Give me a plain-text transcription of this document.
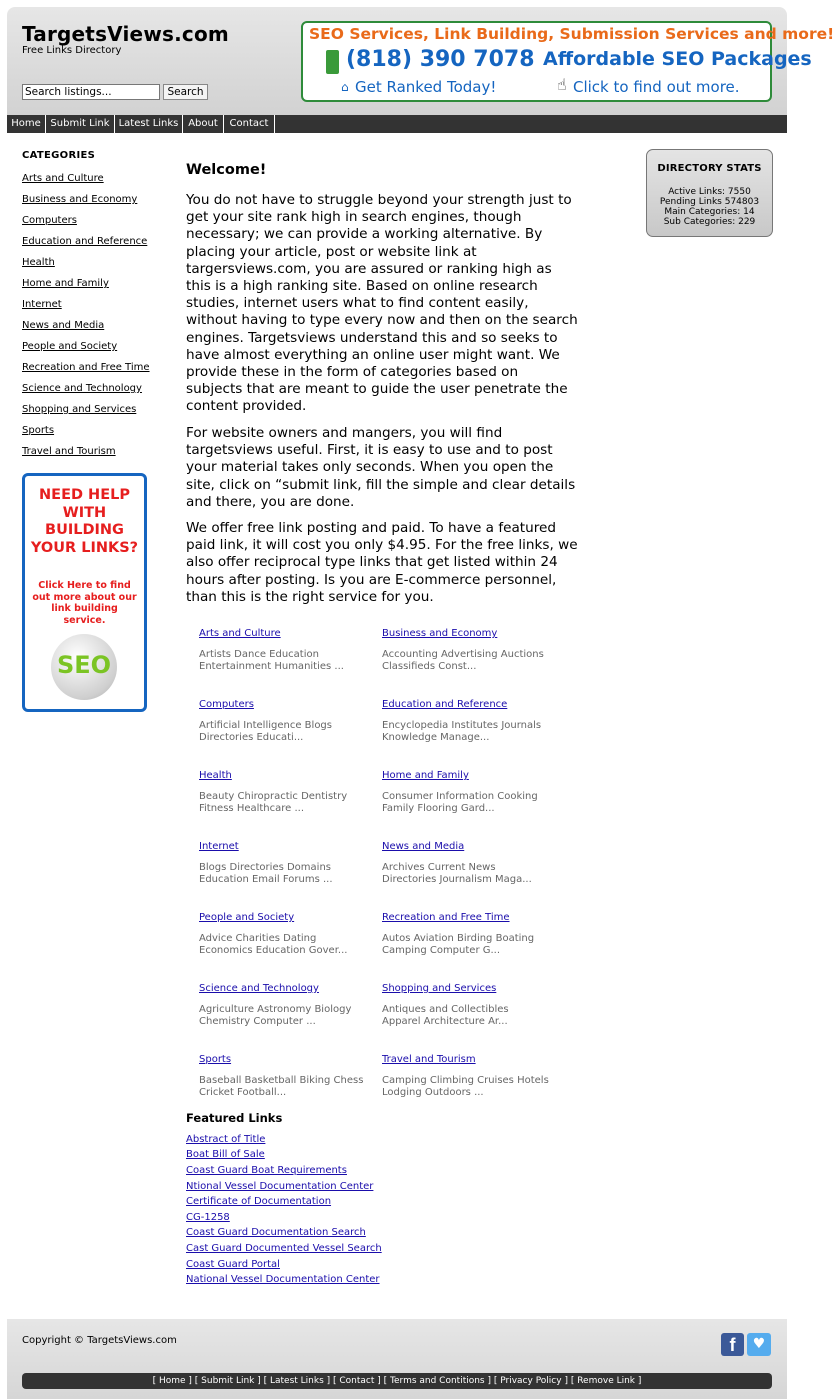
TargetsViews.com
Free Links Directory
Search listings...
Search
SEO Services, Link Building, Submission Services and more!
(818) 390 7078 Affordable SEO Packages
⌂ Get Ranked Today!	☝ Click to find out more.
Home Submit Link Latest Links About	Contact
CATEGORIES
Arts and Culture
Business and Economy
Computers
Education and Reference
Health
Home and Family
Internet
News and Media
People and Society
Recreation and Free Time
Science and Technology
Shopping and Services
Sports
Travel and Tourism
NEED HELP WITH BUILDING YOUR LINKS?
Click Here to find out more about our link building service.
SEO
DIRECTORY STATS
Active Links: 7550
Pending Links 574803
Main Categories: 14
Sub Categories: 229
Welcome!
You do not have to struggle beyond your strength just to get your site rank high in search engines, though necessary; we can provide a working alternative. By placing your article, post or website link at targersviews.com, you are assured or ranking high as this is a high ranking site. Based on online research studies, internet users what to find content easily, without having to type every now and then on the search engines. Targetsviews understand this and so seeks to have almost everything an online user might want. We provide these in the form of categories based on subjects that are meant to guide the user penetrate the content provided.
For website owners and mangers, you will find targetsviews useful. First, it is easy to use and to post your material takes only seconds. When you open the site, click on “submit link, fill the simple and clear details and there, you are done.
We offer free link posting and paid. To have a featured paid link, it will cost you only $4.95. For the free links, we also offer reciprocal type links that get listed within 24 hours after posting. Is you are E-commerce personnel, than this is the right service for you.
Arts and Culture
Artists Dance Education
Entertainment Humanities ...
Business and Economy
Accounting Advertising Auctions
Classifieds Const...
Computers
Artificial Intelligence Blogs
Directories Educati...
Education and Reference
Encyclopedia Institutes Journals
Knowledge Manage...
Health
Beauty Chiropractic Dentistry
Fitness Healthcare ...
Home and Family
Consumer Information Cooking
Family Flooring Gard...
Internet
Blogs Directories Domains
Education Email Forums ...
News and Media
Archives Current News
Directories Journalism Maga...
People and Society
Advice Charities Dating
Economics Education Gover...
Recreation and Free Time
Autos Aviation Birding Boating
Camping Computer G...
Science and Technology
Agriculture Astronomy Biology
Chemistry Computer ...
Shopping and Services
Antiques and Collectibles
Apparel Architecture Ar...
Sports
Baseball Basketball Biking Chess
Cricket Football...
Travel and Tourism
Camping Climbing Cruises Hotels
Lodging Outdoors ...
Featured Links
Abstract of Title
Boat Bill of Sale
Coast Guard Boat Requirements
Ntional Vessel Documentation Center
Certificate of Documentation
CG-1258
Coast Guard Documentation Search
Cast Guard Documented Vessel Search
Coast Guard Portal
National Vessel Documentation Center
Copyright © TargetsViews.com	f	♥
[ Home ] [ Submit Link ] [ Latest Links ] [ Contact ] [ Terms and Contitions ] [ Privacy Policy ] [ Remove Link ]
